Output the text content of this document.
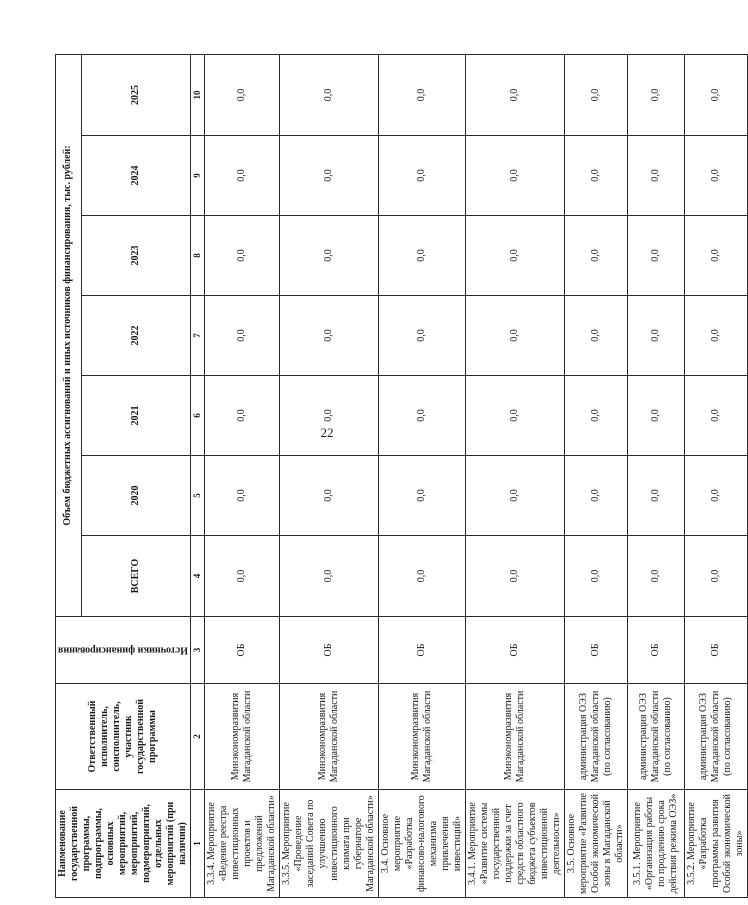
22
Наименование государственной программы, подпрограммы, основных мероприятий, мероприятий, подмероприятий, отдельных мероприятий (при наличии)	Ответственный исполнитель, соисполнитель, участник государственной программы	Источники финансирования	Объем бюджетных ассигнований и иных источников финансирования, тыс. рублей:						
			ВСЕГО	2020	2021	2022	2023	2024	2025
1	2	3	4	5	6	7	8	9	10
3.3.4. Мероприятие «Ведение реестра инвестиционных проектов и предложений Магаданской области»	Минэкономразвития Магаданской области	ОБ	0,0	0,0	0,0	0,0	0,0	0,0	0,0
3.3.5. Мероприятие «Проведение заседаний Совета по улучшению инвестиционного климата при губернаторе Магаданской области»	Минэкономразвития Магаданской области	ОБ	0,0	0,0	0,0	0,0	0,0	0,0	0,0
3.4. Основное мероприятие «Разработка финансово-налогового механизма привлечения инвестиций»	Минэкономразвития Магаданской области	ОБ	0,0	0,0	0,0	0,0	0,0	0,0	0,0
3.4.1. Мероприятие «Развитие системы государственной поддержки за счет средств областного бюджета субъектов инвестиционной деятельности»	Минэкономразвития Магаданской области	ОБ	0,0	0,0	0,0	0,0	0,0	0,0	0,0
3.5. Основное мероприятие «Развитие Особой экономической зоны в Магаданской области»	администрация ОЭЗ Магаданской области (по согласованию)	ОБ	0,0	0,0	0,0	0,0	0,0	0,0	0,0
3.5.1. Мероприятие «Организация работы по продлению срока действия режима ОЭЗ»	администрация ОЭЗ Магаданской области (по согласованию)	ОБ	0,0	0,0	0,0	0,0	0,0	0,0	0,0
3.5.2. Мероприятие «Разработка программы развития Особой экономической зоны»	администрация ОЭЗ Магаданской области (по согласованию)	ОБ	0,0	0,0	0,0	0,0	0,0	0,0	0,0
